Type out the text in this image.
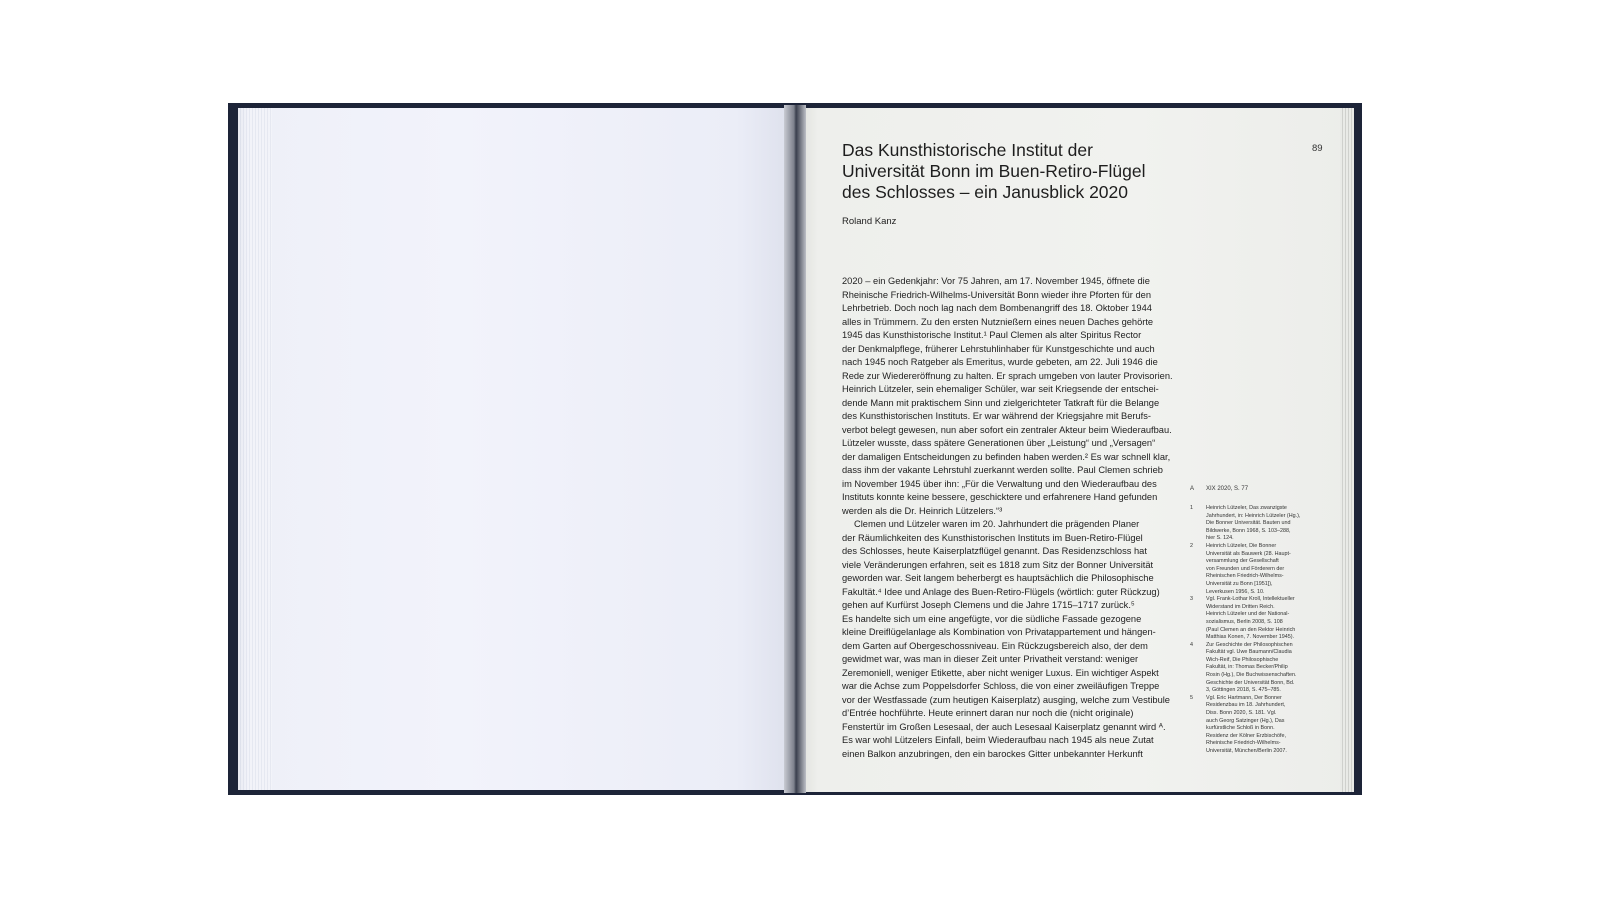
Das Kunsthistorische Institut der
Universität Bonn im Buen-Retiro-Flügel
des Schlosses – ein Janusblick 2020
89
Roland Kanz
2020 – ein Gedenkjahr: Vor 75 Jahren, am 17. November 1945, öffnete die
Rheinische Friedrich-Wilhelms-Universität Bonn wieder ihre Pforten für den
Lehrbetrieb. Doch noch lag nach dem Bombenangriff des 18. Oktober 1944
alles in Trümmern. Zu den ersten Nutznießern eines neuen Daches gehörte
1945 das Kunsthistorische Institut.¹ Paul Clemen als alter Spiritus Rector
der Denkmalpflege, früherer Lehrstuhlinhaber für Kunstgeschichte und auch
nach 1945 noch Ratgeber als Emeritus, wurde gebeten, am 22. Juli 1946 die
Rede zur Wiedereröffnung zu halten. Er sprach umgeben von lauter Provisorien.
Heinrich Lützeler, sein ehemaliger Schüler, war seit Kriegsende der entschei-
dende Mann mit praktischem Sinn und zielgerichteter Tatkraft für die Belange
des Kunsthistorischen Instituts. Er war während der Kriegsjahre mit Berufs-
verbot belegt gewesen, nun aber sofort ein zentraler Akteur beim Wiederaufbau.
Lützeler wusste, dass spätere Generationen über „Leistung“ und „Versagen“
der damaligen Entscheidungen zu befinden haben werden.² Es war schnell klar,
dass ihm der vakante Lehrstuhl zuerkannt werden sollte. Paul Clemen schrieb
im November 1945 über ihn: „Für die Verwaltung und den Wiederaufbau des
Instituts konnte keine bessere, geschicktere und erfahrenere Hand gefunden
werden als die Dr. Heinrich Lützelers.“³
Clemen und Lützeler waren im 20. Jahrhundert die prägenden Planer
der Räumlichkeiten des Kunsthistorischen Instituts im Buen-Retiro-Flügel
des Schlosses, heute Kaiserplatzflügel genannt. Das Residenzschloss hat
viele Veränderungen erfahren, seit es 1818 zum Sitz der Bonner Universität
geworden war. Seit langem beherbergt es hauptsächlich die Philosophische
Fakultät.⁴ Idee und Anlage des Buen-Retiro-Flügels (wörtlich: guter Rückzug)
gehen auf Kurfürst Joseph Clemens und die Jahre 1715–1717 zurück.⁵
Es handelte sich um eine angefügte, vor die südliche Fassade gezogene
kleine Dreiflügelanlage als Kombination von Privatappartement und hängen-
dem Garten auf Obergeschossniveau. Ein Rückzugsbereich also, der dem
gewidmet war, was man in dieser Zeit unter Privatheit verstand: weniger
Zeremoniell, weniger Etikette, aber nicht weniger Luxus. Ein wichtiger Aspekt
war die Achse zum Poppelsdorfer Schloss, die von einer zweiläufigen Treppe
vor der Westfassade (zum heutigen Kaiserplatz) ausging, welche zum Vestibule
d’Entrée hochführte. Heute erinnert daran nur noch die (nicht originale)
Fenstertür im Großen Lesesaal, der auch Lesesaal Kaiserplatz genannt wird ᴬ.
Es war wohl Lützelers Einfall, beim Wiederaufbau nach 1945 als neue Zutat
einen Balkon anzubringen, den ein barockes Gitter unbekannter Herkunft
A XIX 2020, S. 77
1	Heinrich Lützeler, Das zwanzigste
Jahrhundert, in: Heinrich Lützeler (Hg.),
Die Bonner Universität. Bauten und
Bildwerke, Bonn 1968, S. 103–288,
hier S. 124.
2	Heinrich Lützeler, Die Bonner
Universität als Bauwerk (28. Haupt-
versammlung der Gesellschaft
von Freunden und Förderern der
Rheinischen Friedrich-Wilhelms-
Universität zu Bonn [1951]),
Leverkusen 1956, S. 10.
3	Vgl. Frank-Lothar Kroll, Intellektueller
Widerstand im Dritten Reich.
Heinrich Lützeler und der National-
sozialismus, Berlin 2008, S. 108
(Paul Clemen an den Rektor Heinrich
Matthias Konen, 7. November 1945).
4	Zur Geschichte der Philosophischen
Fakultät vgl. Uwe Baumann/Claudia
Wich-Reif, Die Philosophische
Fakultät, in: Thomas Becker/Philip
Rosin (Hg.), Die Buchwissenschaften.
Geschichte der Universität Bonn, Bd.
3, Göttingen 2018, S. 475–785.
5	Vgl. Eric Hartmann, Der Bonner
Residenzbau im 18. Jahrhundert,
Diss. Bonn 2020, S. 181. Vgl.
auch Georg Satzinger (Hg.), Das
kurfürstliche Schloß in Bonn.
Residenz der Kölner Erzbischöfe,
Rheinische Friedrich-Wilhelms-
Universität, München/Berlin 2007.
